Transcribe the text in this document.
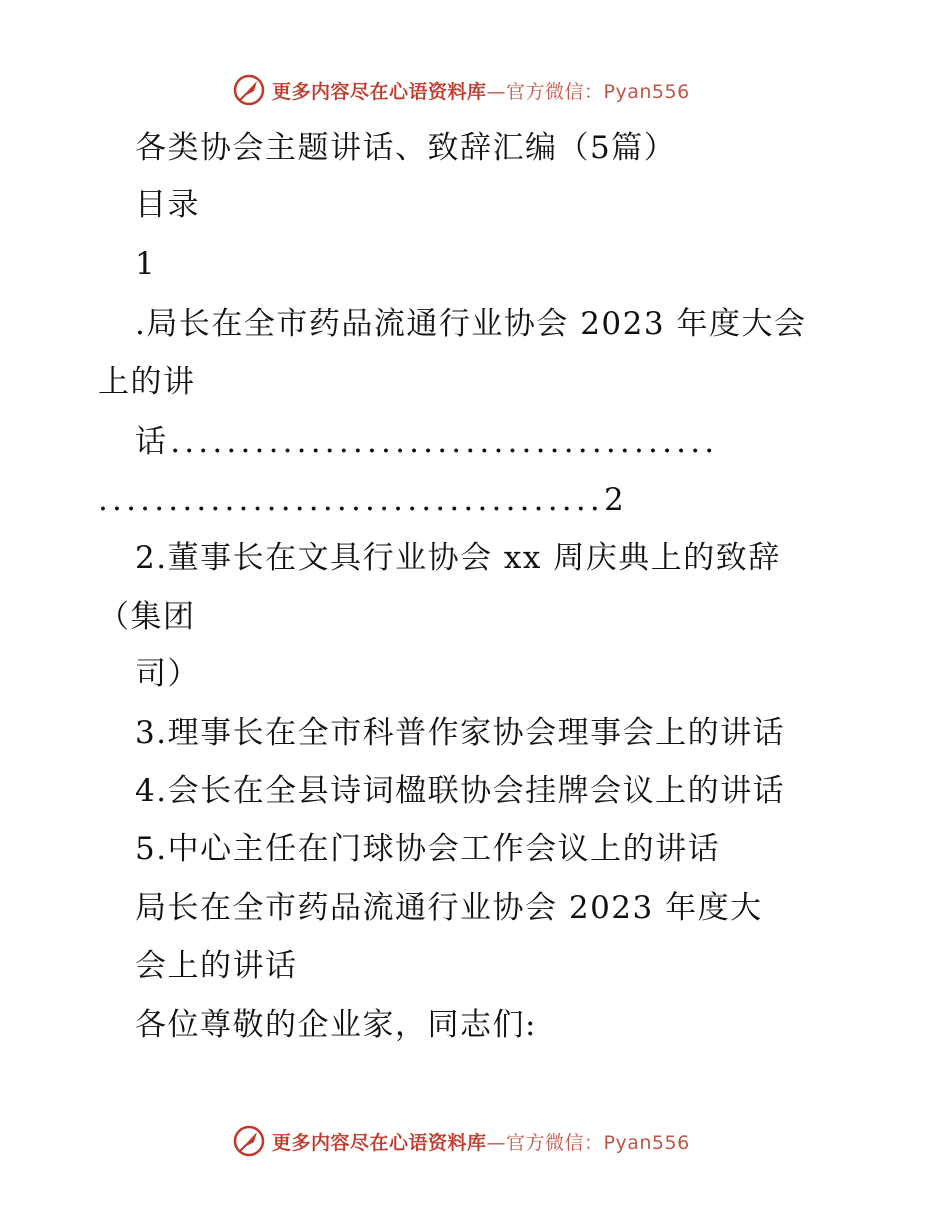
更多内容尽在心语资料库—官方微信：Pyan556
各类协会主题讲话、致辞汇编（5篇）
目录
1
.局长在全市药品流通行业协会 2023 年度大会
上的讲
话.......................................
....................................2
2.董事长在文具行业协会 xx 周庆典上的致辞
（集团
司）
3.理事长在全市科普作家协会理事会上的讲话
4.会长在全县诗词楹联协会挂牌会议上的讲话
5.中心主任在门球协会工作会议上的讲话
局长在全市药品流通行业协会 2023 年度大
会上的讲话
各位尊敬的企业家，同志们:
更多内容尽在心语资料库—官方微信：Pyan556
